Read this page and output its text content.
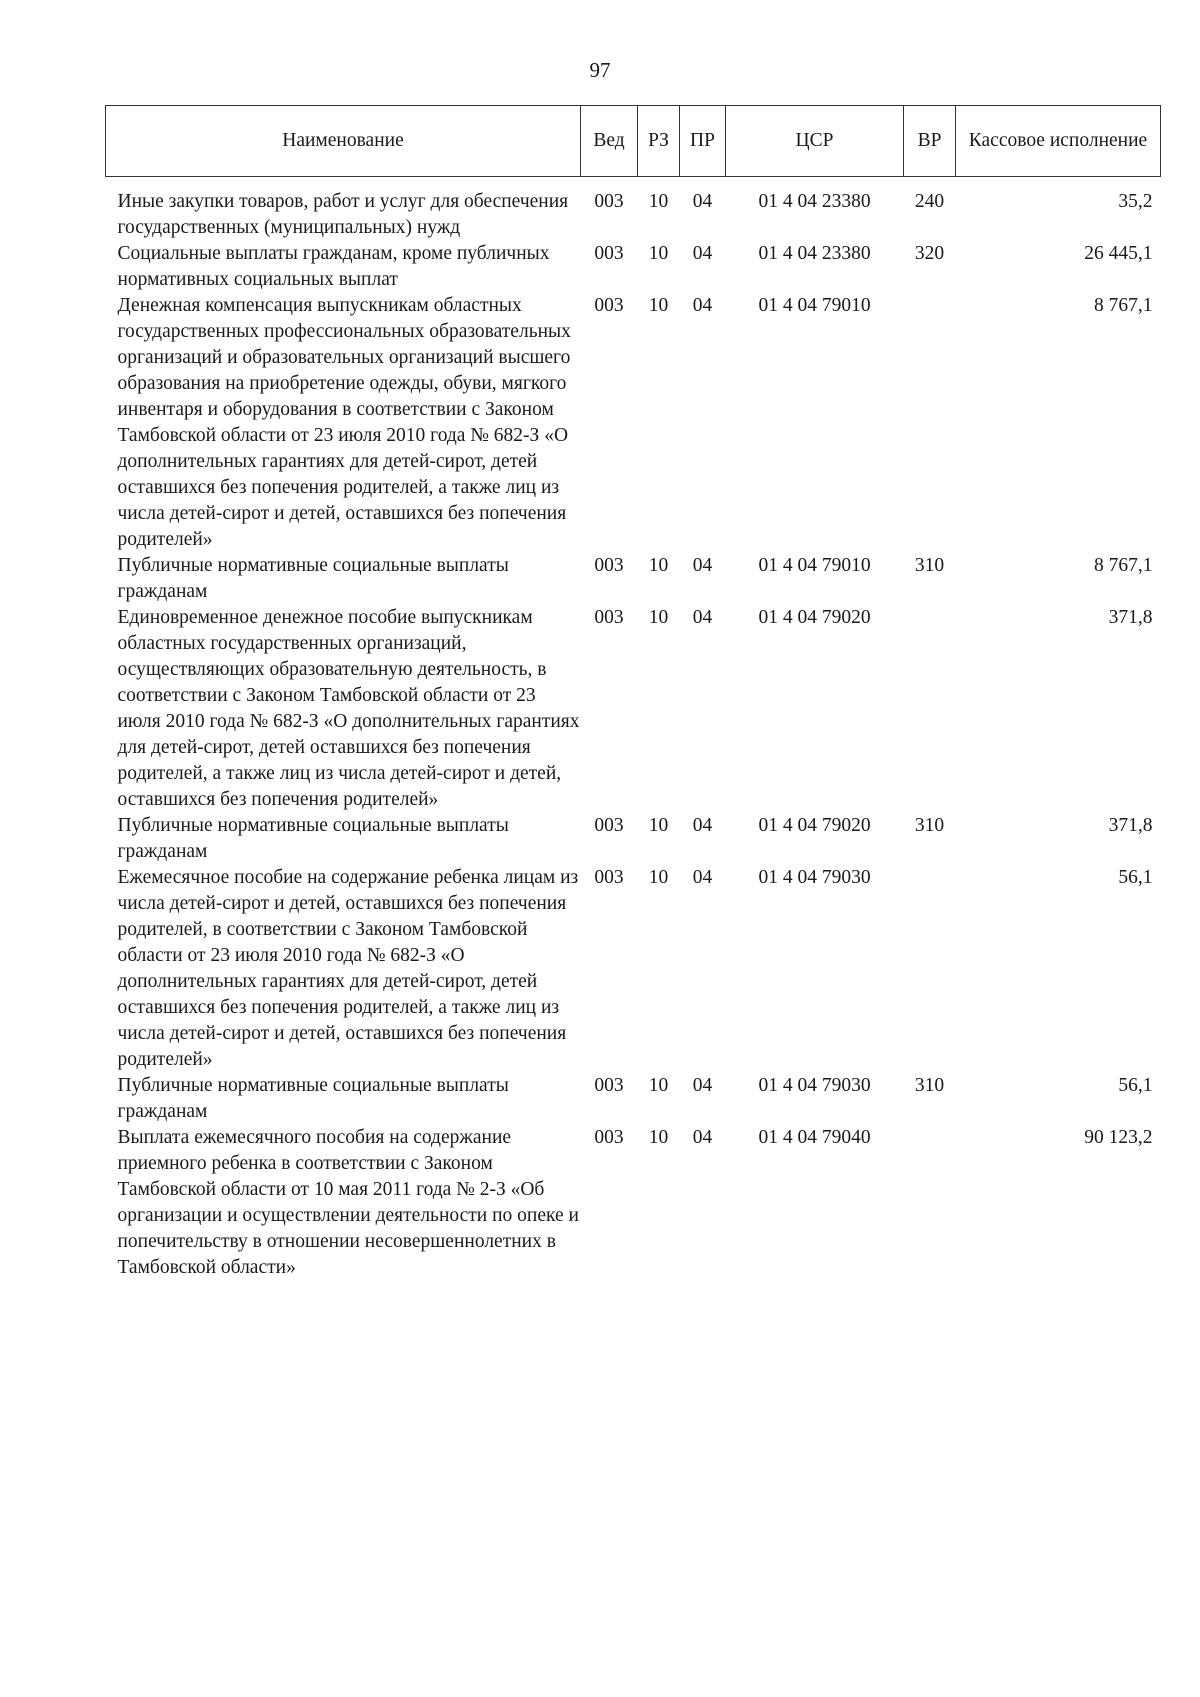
97
Наименование	Вед	РЗ	ПР	ЦСР	ВР	Кассовое исполнение
Иные закупки товаров, работ и услуг для обеспечения государственных (муниципальных) нужд	003	10	04	01 4 04 23380	240	35,2
Социальные выплаты гражданам, кроме публичных нормативных социальных выплат	003	10	04	01 4 04 23380	320	26 445,1
Денежная компенсация выпускникам областных государственных профессиональных образовательных организаций и образовательных организаций высшего образования на приобретение одежды, обуви, мягкого инвентаря и оборудования в соответствии с Законом Тамбовской области от 23 июля 2010 года № 682-З «О дополнительных гарантиях для детей-сирот, детей оставшихся без попечения родителей, а также лиц из числа детей-сирот и детей, оставшихся без попечения родителей»	003	10	04	01 4 04 79010		8 767,1
Публичные нормативные социальные выплаты гражданам	003	10	04	01 4 04 79010	310	8 767,1
Единовременное денежное пособие выпускникам областных государственных организаций, осуществляющих образовательную деятельность, в соответствии с Законом Тамбовской области от 23 июля 2010 года № 682-З «О дополнительных гарантиях для детей-сирот, детей оставшихся без попечения родителей, а также лиц из числа детей-сирот и детей, оставшихся без попечения родителей»	003	10	04	01 4 04 79020		371,8
Публичные нормативные социальные выплаты гражданам	003	10	04	01 4 04 79020	310	371,8
Ежемесячное пособие на содержание ребенка лицам из числа детей-сирот и детей, оставшихся без попечения родителей, в соответствии с Законом Тамбовской области от 23 июля 2010 года № 682-З «О дополнительных гарантиях для детей-сирот, детей оставшихся без попечения родителей, а также лиц из числа детей-сирот и детей, оставшихся без попечения родителей»	003	10	04	01 4 04 79030		56,1
Публичные нормативные социальные выплаты гражданам	003	10	04	01 4 04 79030	310	56,1
Выплата ежемесячного пособия на содержание приемного ребенка в соответствии с Законом Тамбовской области от 10 мая 2011 года № 2-З «Об организации и осуществлении деятельности по опеке и попечительству в отношении несовершеннолетних в Тамбовской области»	003	10	04	01 4 04 79040		90 123,2
